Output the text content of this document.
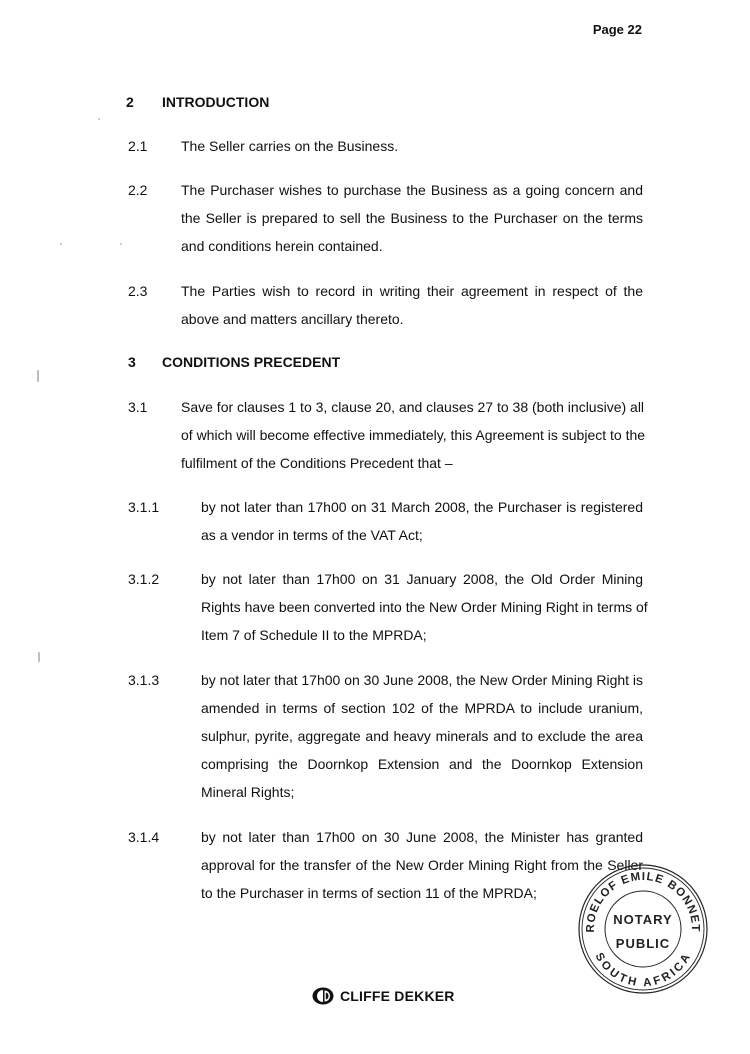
Page 22
2 INTRODUCTION
2.1 The Seller carries on the Business.
2.2 The Purchaser wishes to purchase the Business as a going concern and
the Seller is prepared to sell the Business to the Purchaser on the terms
and conditions herein contained.
2.3 The Parties wish to record in writing their agreement in respect of the
above and matters ancillary thereto.
3 CONDITIONS PRECEDENT
3.1 Save for clauses 1 to 3, clause 20, and clauses 27 to 38 (both inclusive) all
of which will become effective immediately, this Agreement is subject to the
fulfilment of the Conditions Precedent that –
3.1.1	by not later than 17h00 on 31 March 2008, the Purchaser is registered
as a vendor in terms of the VAT Act;
3.1.2	by not later than 17h00 on 31 January 2008, the Old Order Mining
Rights have been converted into the New Order Mining Right in terms of
Item 7 of Schedule II to the MPRDA;
3.1.3	by not later that 17h00 on 30 June 2008, the New Order Mining Right is
amended in terms of section 102 of the MPRDA to include uranium,
sulphur, pyrite, aggregate and heavy minerals and to exclude the area
comprising the Doornkop Extension and the Doornkop Extension
Mineral Rights;
3.1.4	by not later than 17h00 on 30 June 2008, the Minister has granted
approval for the transfer of the New Order Mining Right from the Seller
to the Purchaser in terms of section 11 of the MPRDA;
ROELOF EMILE BONNET
SOUTH AFRICA
NOTARY
PUBLIC
CLIFFE DEKKER
